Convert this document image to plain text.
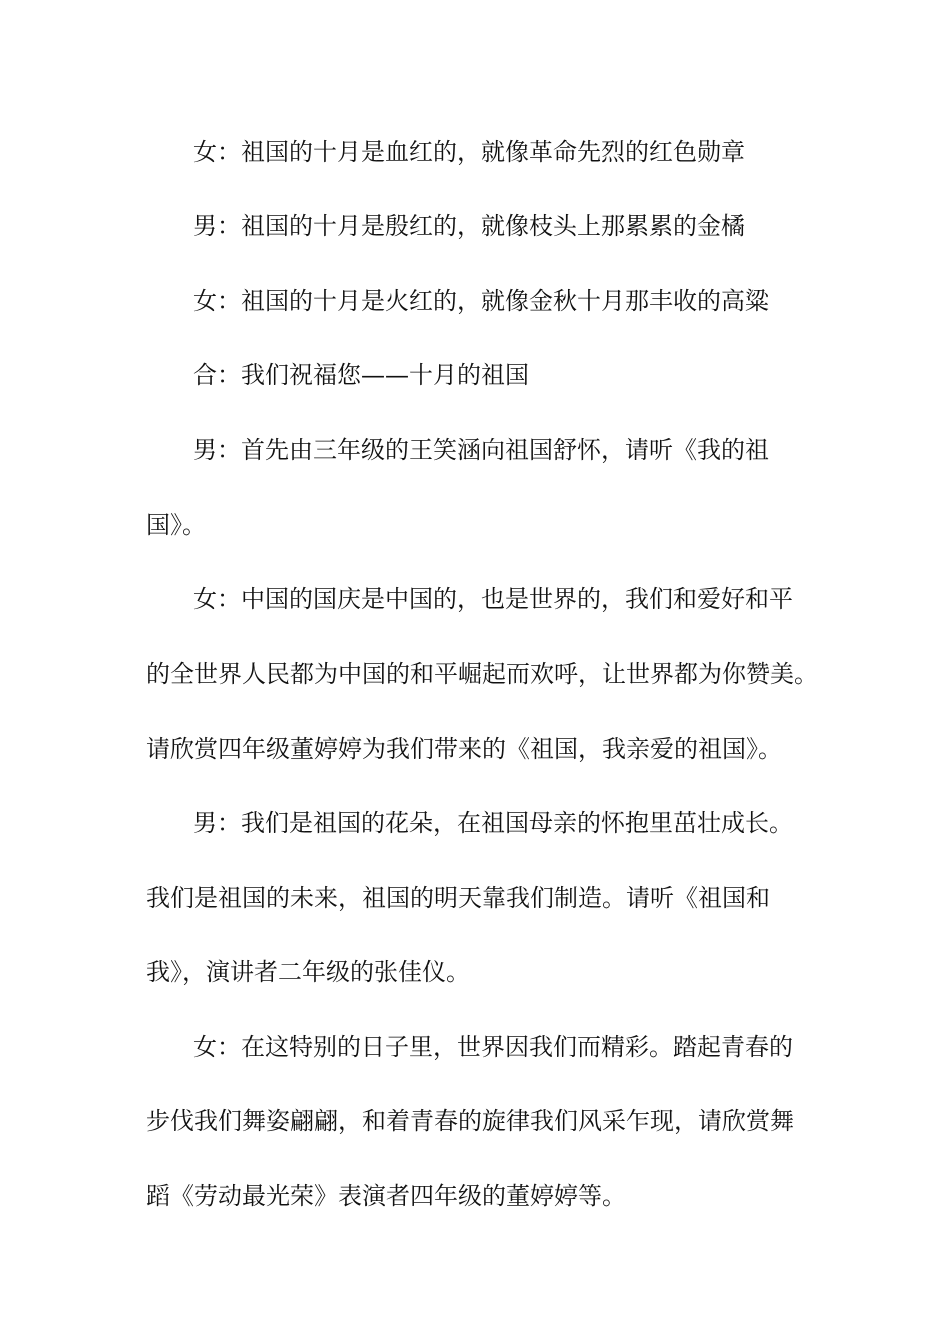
女：祖国的十月是血红的，就像革命先烈的红色勋章

男：祖国的十月是殷红的，就像枝头上那累累的金橘

女：祖国的十月是火红的，就像金秋十月那丰收的高粱

合：我们祝福您——十月的祖国

男：首先由三年级的王笑涵向祖国舒怀，请听《我的祖

国》。

女：中国的国庆是中国的，也是世界的，我们和爱好和平

的全世界人民都为中国的和平崛起而欢呼，让世界都为你赞美。

请欣赏四年级董婷婷为我们带来的《祖国，我亲爱的祖国》。

男：我们是祖国的花朵，在祖国母亲的怀抱里茁壮成长。

我们是祖国的未来，祖国的明天靠我们制造。请听《祖国和

我》，演讲者二年级的张佳仪。

女：在这特别的日子里，世界因我们而精彩。踏起青春的

步伐我们舞姿翩翩，和着青春的旋律我们风采乍现，请欣赏舞

蹈《劳动最光荣》表演者四年级的董婷婷等。
